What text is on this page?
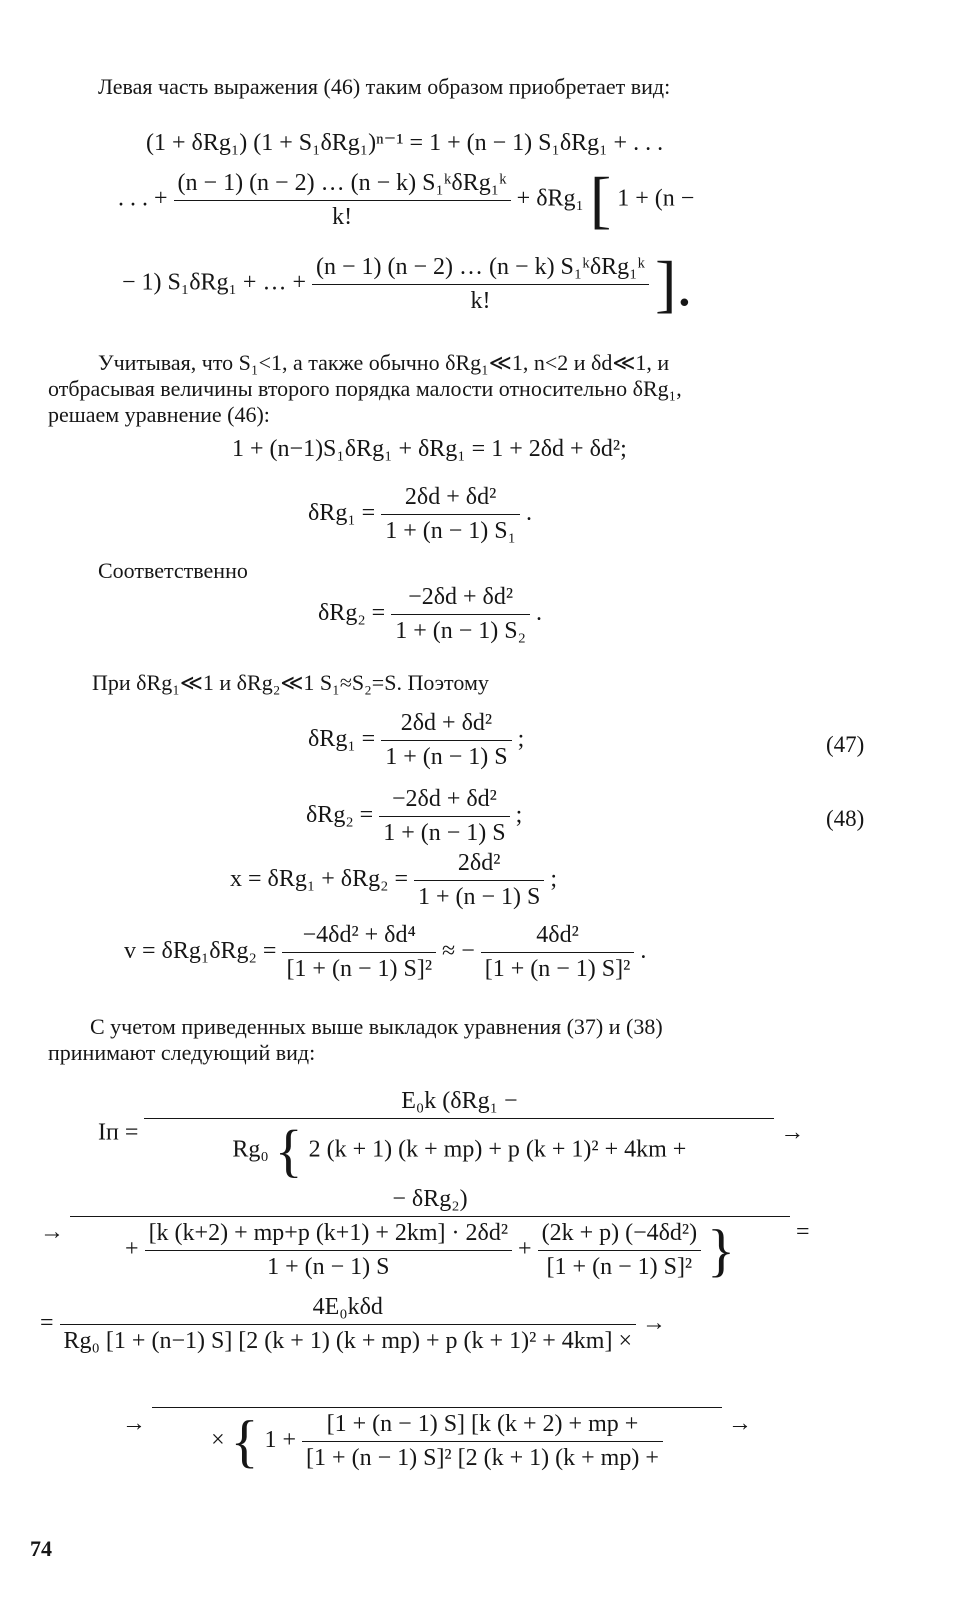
Левая часть выражения (46) таким образом приобретает вид:
(1 + δRg₁) (1 + S₁δRg₁)ⁿ⁻¹ = 1 + (n − 1) S₁δRg₁ + . . .
. . . + $\frac{\text{(n − 1) (n − 2) … (n − k) S₁ᵏδRg₁ᵏ}}{k!} + \delta Rg_1$ [ 1 + (n −
− 1) S₁δRg₁ + … + $\frac{\text{(n − 1) (n − 2) … (n − k) S₁ᵏδRg₁ᵏ}}{k!}$ ].
Учитывая, что S₁<1, а также обычно δRg₁≪1, n<2 и δd≪1, и
отбрасывая величины второго порядка малости относительно δRg₁,
решаем уравнение (46):
1 + (n−1)S₁δRg₁ + δRg₁ = 1 + 2δd + δd²;
$\delta Rg_1 = \frac{\text{2δd + δd²}}{\text{1 + (n − 1) S₁}}$ .
Соответственно
$\delta Rg_2 = \frac{\text{−2δd + δd²}}{\text{1 + (n − 1) S₂}}$ .
При δRg₁≪1 и δRg₂≪1 S₁≈S₂=S. Поэтому
$\delta Rg_1 = \frac{\text{2δd + δd²}}{1 + (n - 1) S}$ ;	(47)
$\delta Rg_2 = \frac{\text{−2δd + δd²}}{1 + (n - 1) S}$ ;	(48)
$x = \delta Rg_1 + \delta Rg_2 = \frac{\text{2δd²}}{1 + (n - 1) S}$ ;
$v = \delta Rg_1\delta Rg_2 = \frac{\text{−4δd² + δd⁴}}{\text{[1 + (n − 1) S]²}}$ ≈ − $\frac{\text{4δd²}}{\text{[1 + (n − 1) S]²}}$ .
С учетом приведенных выше выкладок уравнения (37) и (38)
принимают следующий вид:
Iп =
E₀k (δRg₁ −
Rg₀ { 2 (k + 1) (k + mp) + p (k + 1)² + 4km +
→
→
− δRg₂)
+ $\frac{\text{[k (k+2) + mp+p (k+1) + 2km] · 2δd²}}{1 + (n - 1) S} + \frac{\text{(2k + p) (−4δd²)}}{\text{[1 + (n − 1) S]²}}$ }	=
= $\frac{\text{4E₀kδd}}{\text{Rg₀ [1 + (n−1) S] [2 (k + 1) (k + mp) + p (k + 1)² + 4km] ×}}$ →
→
× { $1 + \frac{[1 + (n - 1) S] [k (k + 2) + mp +}{\text{[1 + (n − 1) S]² [2 (k + 1) (k + mp) +}}$	→
74
